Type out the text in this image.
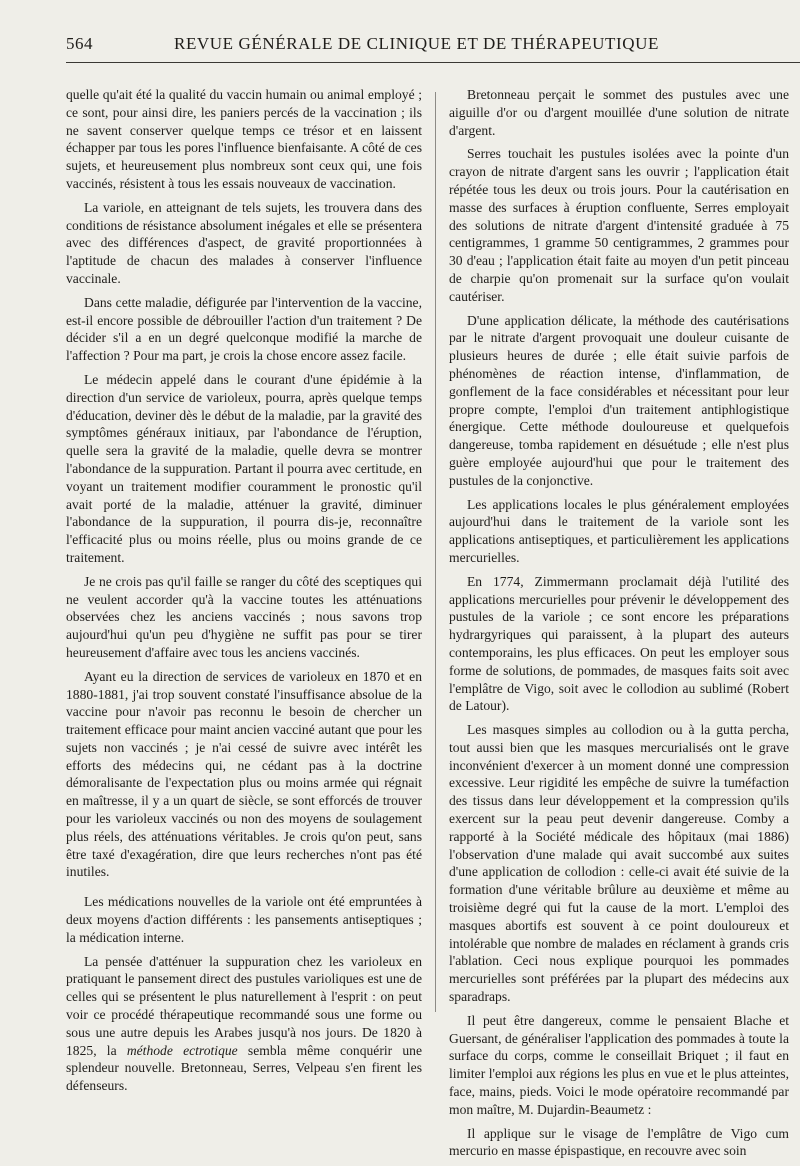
564	REVUE GÉNÉRALE DE CLINIQUE ET DE THÉRAPEUTIQUE

quelle qu'ait été la qualité du vaccin humain ou animal employé ; ce sont, pour ainsi dire, les paniers percés de la vaccination ; ils ne savent conserver quelque temps ce trésor et en laissent échapper par tous les pores l'influence bienfaisante. A côté de ces sujets, et heureusement plus nombreux sont ceux qui, une fois vaccinés, résistent à tous les essais nouveaux de vaccination.

La variole, en atteignant de tels sujets, les trouvera dans des conditions de résistance absolument inégales et elle se présentera avec des différences d'aspect, de gravité proportionnées à l'aptitude de chacun des malades à conserver l'influence vaccinale.

Dans cette maladie, défigurée par l'intervention de la vaccine, est-il encore possible de débrouiller l'action d'un traitement ? De décider s'il a en un degré quelconque modifié la marche de l'affection ? Pour ma part, je crois la chose encore assez facile.

Le médecin appelé dans le courant d'une épidémie à la direction d'un service de varioleux, pourra, après quelque temps d'éducation, deviner dès le début de la maladie, par la gravité des symptômes généraux initiaux, par l'abondance de l'éruption, quelle sera la gravité de la maladie, quelle devra se montrer l'abondance de la suppuration. Partant il pourra avec certitude, en voyant un traitement modifier couramment le pronostic qu'il avait porté de la maladie, atténuer la gravité, diminuer l'abondance de la suppuration, il pourra dis-je, reconnaître l'efficacité plus ou moins réelle, plus ou moins grande de ce traitement.

Je ne crois pas qu'il faille se ranger du côté des sceptiques qui ne veulent accorder qu'à la vaccine toutes les atténuations observées chez les anciens vaccinés ; nous savons trop aujourd'hui qu'un peu d'hygiène ne suffit pas pour se tirer heureusement d'affaire avec tous les anciens vaccinés.

Ayant eu la direction de services de varioleux en 1870 et en 1880-1881, j'ai trop souvent constaté l'insuffisance absolue de la vaccine pour n'avoir pas reconnu le besoin de chercher un traitement efficace pour maint ancien vacciné autant que pour les sujets non vaccinés ; je n'ai cessé de suivre avec intérêt les efforts des médecins qui, ne cédant pas à la doctrine démoralisante de l'expectation plus ou moins armée qui régnait en maîtresse, il y a un quart de siècle, se sont efforcés de trouver pour les varioleux vaccinés ou non des moyens de soulagement plus réels, des atténuations véritables. Je crois qu'on peut, sans être taxé d'exagération, dire que leurs recherches n'ont pas été inutiles.

Les médications nouvelles de la variole ont été empruntées à deux moyens d'action différents : les pansements antiseptiques ; la médication interne.

La pensée d'atténuer la suppuration chez les varioleux en pratiquant le pansement direct des pustules varioliques est une de celles qui se présentent le plus naturellement à l'esprit : on peut voir ce procédé thérapeutique recommandé sous une forme ou sous une autre depuis les Arabes jusqu'à nos jours. De 1820 à 1825, la méthode ectrotique sembla même conquérir une splendeur nouvelle. Bretonneau, Serres, Velpeau s'en firent les défenseurs.

Bretonneau perçait le sommet des pustules avec une aiguille d'or ou d'argent mouillée d'une solution de nitrate d'argent.

Serres touchait les pustules isolées avec la pointe d'un crayon de nitrate d'argent sans les ouvrir ; l'application était répétée tous les deux ou trois jours. Pour la cautérisation en masse des surfaces à éruption confluente, Serres employait des solutions de nitrate d'argent d'intensité graduée à 75 centigrammes, 1 gramme 50 centigrammes, 2 grammes pour 30 d'eau ; l'application était faite au moyen d'un petit pinceau de charpie qu'on promenait sur la surface qu'on voulait cautériser.

D'une application délicate, la méthode des cautérisations par le nitrate d'argent provoquait une douleur cuisante de plusieurs heures de durée ; elle était suivie parfois de phénomènes de réaction intense, d'inflammation, de gonflement de la face considérables et nécessitant pour leur propre compte, l'emploi d'un traitement antiphlogistique énergique. Cette méthode douloureuse et quelquefois dangereuse, tomba rapidement en désuétude ; elle n'est plus guère employée aujourd'hui que pour le traitement des pustules de la conjonctive.

Les applications locales le plus généralement employées aujourd'hui dans le traitement de la variole sont les applications antiseptiques, et particulièrement les applications mercurielles.

En 1774, Zimmermann proclamait déjà l'utilité des applications mercurielles pour prévenir le développement des pustules de la variole ; ce sont encore les préparations hydrargyriques qui paraissent, à la plupart des auteurs contemporains, les plus efficaces. On peut les employer sous forme de solutions, de pommades, de masques faits soit avec l'emplâtre de Vigo, soit avec le collodion au sublimé (Robert de Latour).

Les masques simples au collodion ou à la gutta percha, tout aussi bien que les masques mercurialisés ont le grave inconvénient d'exercer à un moment donné une compression excessive. Leur rigidité les empêche de suivre la tuméfaction des tissus dans leur développement et la compression qu'ils exercent sur la peau peut devenir dangereuse. Comby a rapporté à la Société médicale des hôpitaux (mai 1886) l'observation d'une malade qui avait succombé aux suites d'une application de collodion : celle-ci avait été suivie de la formation d'une véritable brûlure au deuxième et même au troisième degré qui fut la cause de la mort. L'emploi des masques abortifs est souvent à ce point douloureux et intolérable que nombre de malades en réclament à grands cris l'ablation. Ceci nous explique pourquoi les pommades mercurielles sont préférées par la plupart des médecins aux sparadraps.

Il peut être dangereux, comme le pensaient Blache et Guersant, de généraliser l'application des pommades à toute la surface du corps, comme le conseillait Briquet ; il faut en limiter l'emploi aux régions les plus en vue et le plus atteintes, face, mains, pieds. Voici le mode opératoire recommandé par mon maître, M. Dujardin-Beaumetz :

Il applique sur le visage de l'emplâtre de Vigo cum mercurio en masse épispastique, en recouvre avec soin
